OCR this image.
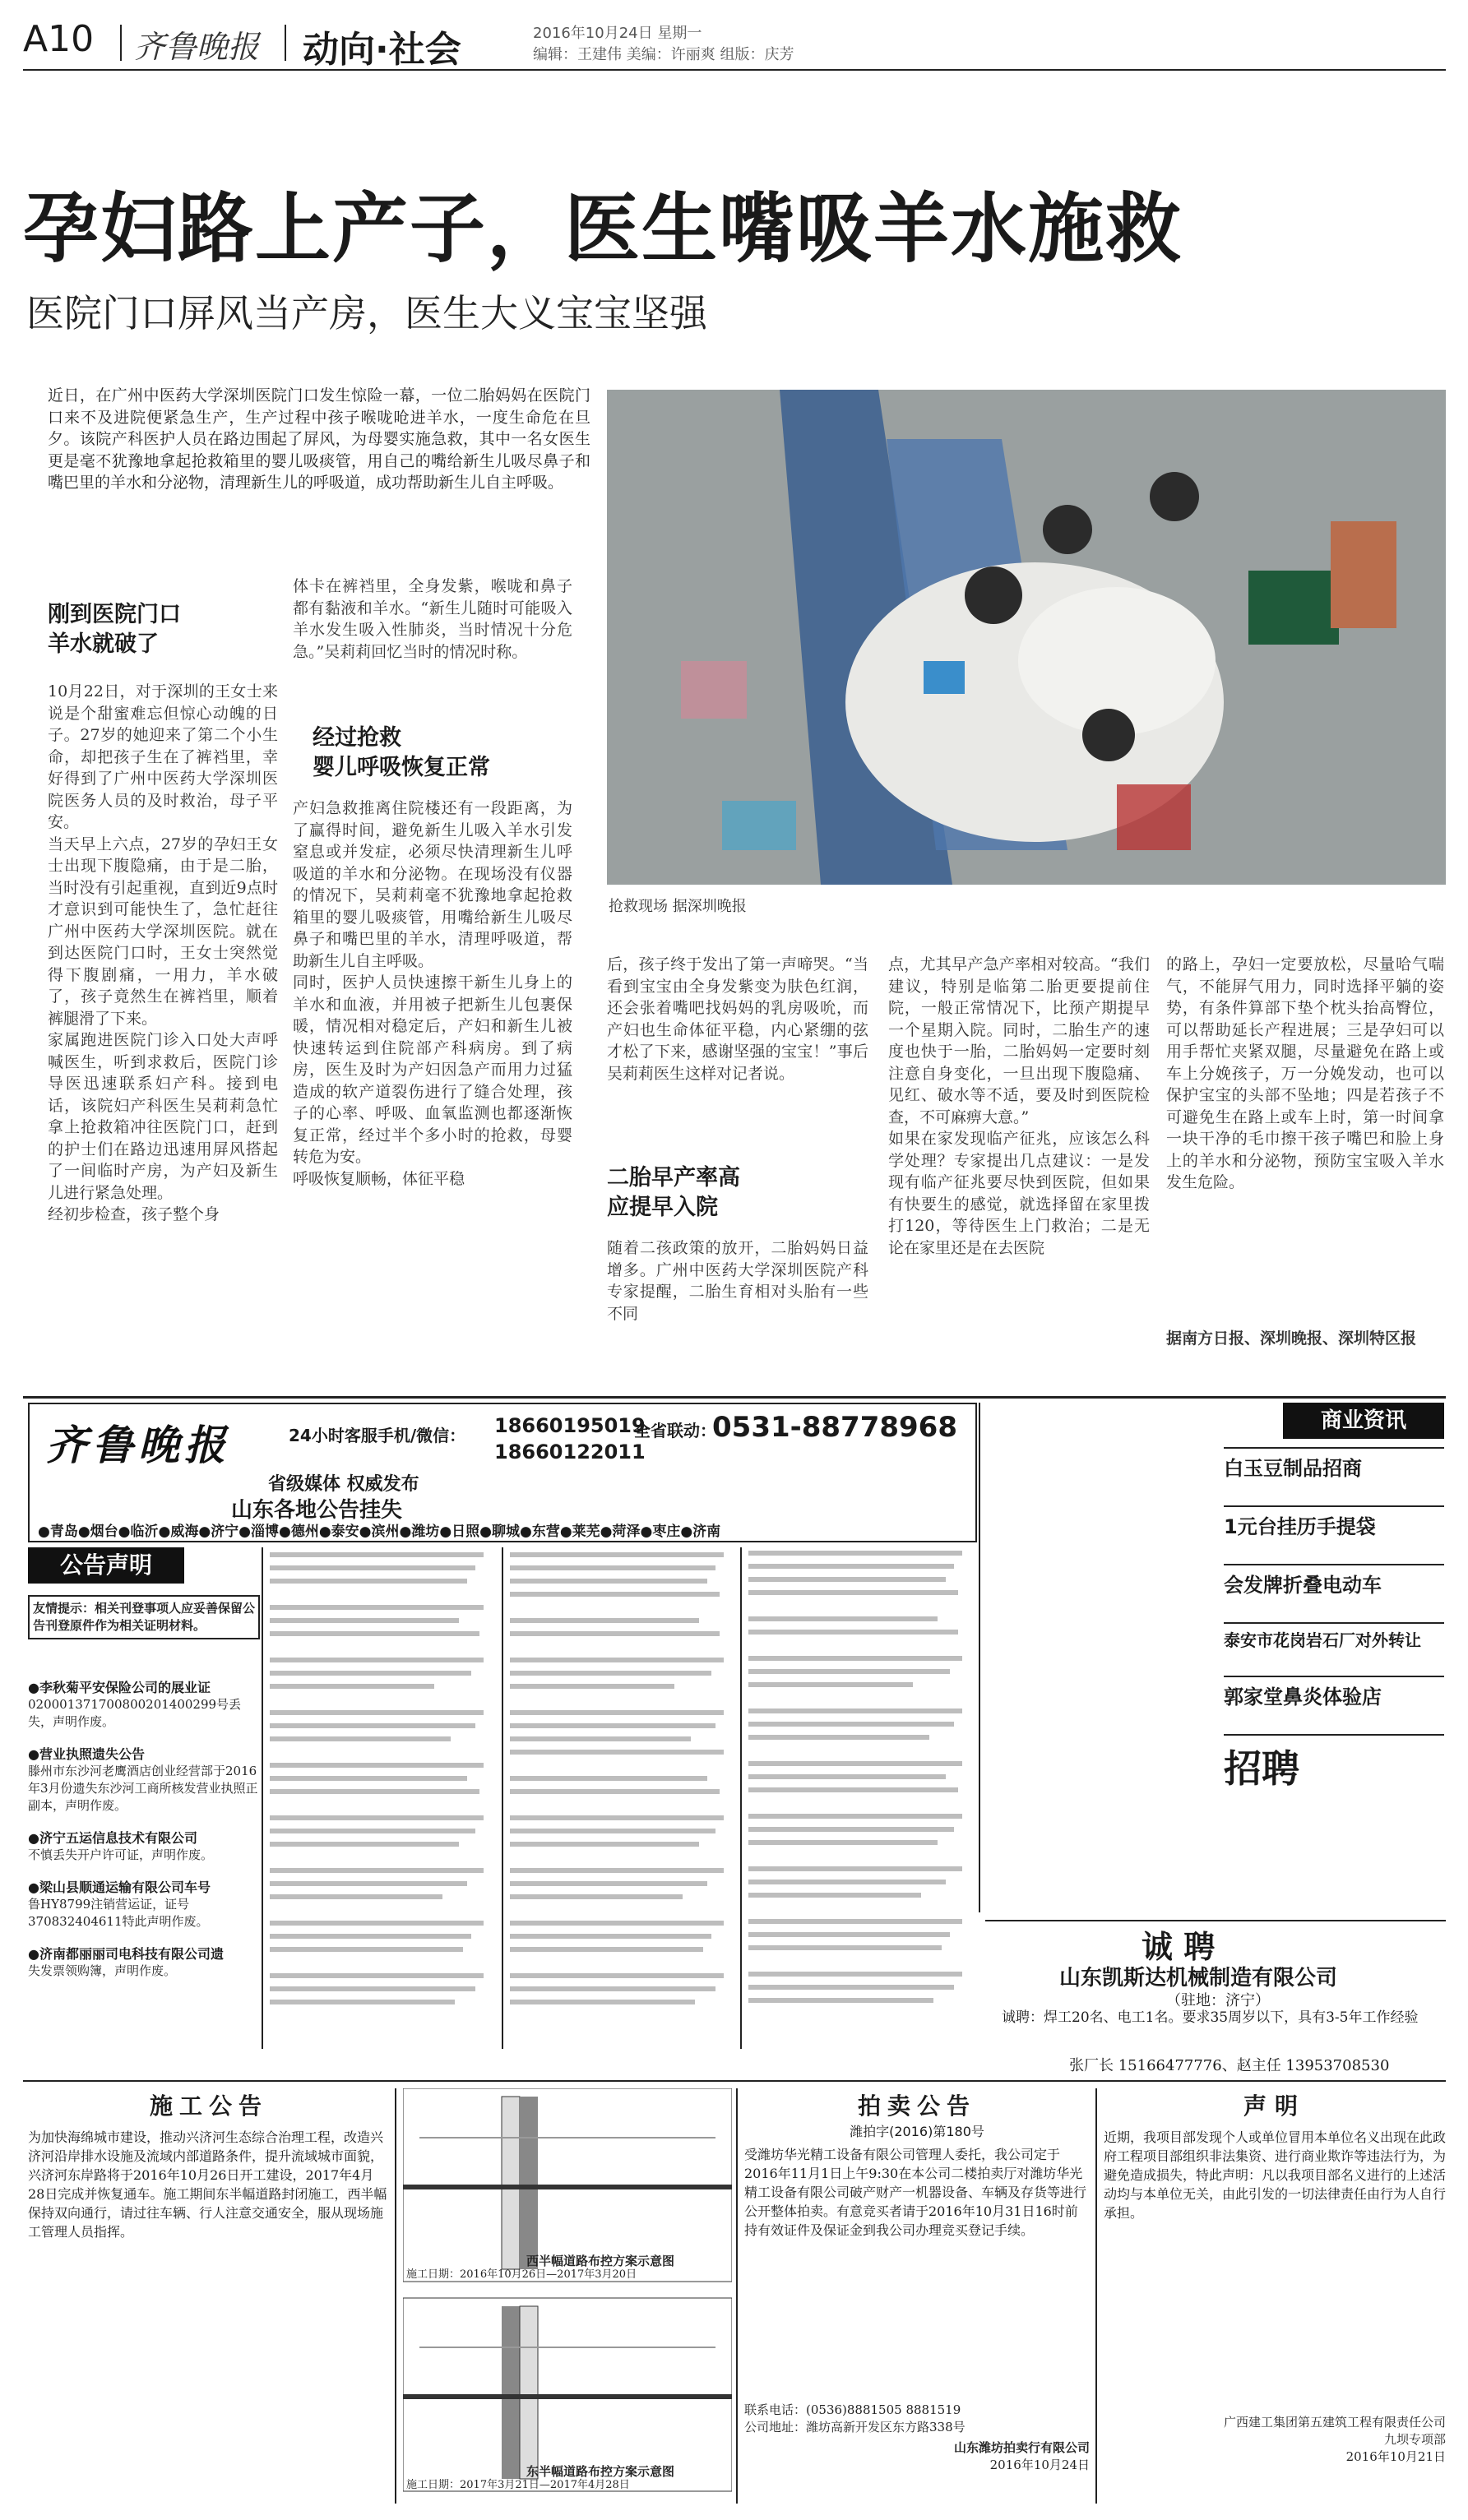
A10 齐鲁晚报 动向·社会	2016年10月24日 星期一
编辑：王建伟 美编：许丽爽 组版：庆芳
孕妇路上产子，医生嘴吸羊水施救
医院门口屏风当产房，医生大义宝宝坚强
近日，在广州中医药大学深圳医院门口发生惊险一幕，一位二胎妈妈在医院门口来不及进院便紧急生产，生产过程中孩子喉咙呛进羊水，一度生命危在旦夕。该院产科医护人员在路边围起了屏风，为母婴实施急救，其中一名女医生更是毫不犹豫地拿起抢救箱里的婴儿吸痰管，用自己的嘴给新生儿吸尽鼻子和嘴巴里的羊水和分泌物，清理新生儿的呼吸道，成功帮助新生儿自主呼吸。
刚到医院门口
羊水就破了
10月22日，对于深圳的王女士来说是个甜蜜难忘但惊心动魄的日子。27岁的她迎来了第二个小生命，却把孩子生在了裤裆里，幸好得到了广州中医药大学深圳医院医务人员的及时救治，母子平安。
当天早上六点，27岁的孕妇王女士出现下腹隐痛，由于是二胎，当时没有引起重视，直到近9点时才意识到可能快生了，急忙赶往广州中医药大学深圳医院。就在到达医院门口时，王女士突然觉得下腹剧痛，一用力，羊水破了，孩子竟然生在裤裆里，顺着裤腿滑了下来。
家属跑进医院门诊入口处大声呼喊医生，听到求救后，医院门诊导医迅速联系妇产科。接到电话，该院妇产科医生吴莉莉急忙拿上抢救箱冲往医院门口，赶到的护士们在路边迅速用屏风搭起了一间临时产房，为产妇及新生儿进行紧急处理。
经初步检查，孩子整个身
体卡在裤裆里，全身发紫，喉咙和鼻子都有黏液和羊水。“新生儿随时可能吸入羊水发生吸入性肺炎，当时情况十分危急。”吴莉莉回忆当时的情况时称。
经过抢救
婴儿呼吸恢复正常
产妇急救推离住院楼还有一段距离，为了赢得时间，避免新生儿吸入羊水引发窒息或并发症，必须尽快清理新生儿呼吸道的羊水和分泌物。在现场没有仪器的情况下，吴莉莉毫不犹豫地拿起抢救箱里的婴儿吸痰管，用嘴给新生儿吸尽鼻子和嘴巴里的羊水，清理呼吸道，帮助新生儿自主呼吸。
同时，医护人员快速擦干新生儿身上的羊水和血液，并用被子把新生儿包裹保暖，情况相对稳定后，产妇和新生儿被快速转运到住院部产科病房。到了病房，医生及时为产妇因急产而用力过猛造成的软产道裂伤进行了缝合处理，孩子的心率、呼吸、血氧监测也都逐渐恢复正常，经过半个多小时的抢救，母婴转危为安。
呼吸恢复顺畅，体征平稳
抢救现场 据深圳晚报
后，孩子终于发出了第一声啼哭。“当看到宝宝由全身发紫变为肤色红润，还会张着嘴吧找妈妈的乳房吸吮，而产妇也生命体征平稳，内心紧绷的弦才松了下来，感谢坚强的宝宝！”事后吴莉莉医生这样对记者说。
二胎早产率高
应提早入院
随着二孩政策的放开，二胎妈妈日益增多。广州中医药大学深圳医院产科专家提醒，二胎生育相对头胎有一些不同
点，尤其早产急产率相对较高。“我们建议，特别是临第二胎更要提前住院，一般正常情况下，比预产期提早一个星期入院。同时，二胎生产的速度也快于一胎，二胎妈妈一定要时刻注意自身变化，一旦出现下腹隐痛、见红、破水等不适，要及时到医院检查，不可麻痹大意。”
如果在家发现临产征兆，应该怎么科学处理？专家提出几点建议：一是发现有临产征兆要尽快到医院，但如果有快要生的感觉，就选择留在家里拨打120，等待医生上门救治；二是无论在家里还是在去医院
的路上，孕妇一定要放松，尽量哈气喘气，不能屏气用力，同时选择平躺的姿势，有条件算部下垫个枕头抬高臀位，可以帮助延长产程进展；三是孕妇可以用手帮忙夹紧双腿，尽量避免在路上或车上分娩孩子，万一分娩发动，也可以保护宝宝的头部不坠地；四是若孩子不可避免生在路上或车上时，第一时间拿一块干净的毛巾擦干孩子嘴巴和脸上身上的羊水和分泌物，预防宝宝吸入羊水发生危险。
据南方日报、深圳晚报、深圳特区报
齐鲁晚报	24小时客服手机/微信： 18660195019
18660122011
全省联动：
0531-88778968
省级媒体 权威发布
山东各地公告挂失
●青岛●烟台●临沂●威海●济宁●淄博●德州●泰安●滨州●潍坊●日照●聊城●东营●莱芜●菏泽●枣庄●济南
公告声明
友情提示：相关刊登事项人应妥善保留公告刊登原件作为相关证明材料。
●李秋菊平安保险公司的展业证
020001371700800201400299号丢失，声明作废。
●营业执照遗失公告
滕州市东沙河老鹰酒店创业经营部于2016年3月份遗失东沙河工商所核发营业执照正副本，声明作废。
●济宁五运信息技术有限公司
不慎丢失开户许可证，声明作废。
●梁山县顺通运输有限公司车号
鲁HY8799注销营运证，证号370832404611特此声明作废。
●济南都丽丽司电科技有限公司遗
失发票领购簿，声明作废。
商业资讯
白玉豆制品招商
1元台挂历手提袋
会发牌折叠电动车
泰安市花岗岩石厂对外转让
郭家堂鼻炎体验店
招聘
诚 聘
山东凯斯达机械制造有限公司
（驻地：济宁）
诚聘：焊工20名、电工1名。要求35周岁以下，具有3-5年工作经验
张厂长 15166477776、赵主任 13953708530
施工公告
为加快海绵城市建设，推动兴济河生态综合治理工程，改造兴济河沿岸排水设施及流域内部道路条件，提升流域城市面貌，兴济河东岸路将于2016年10月26日开工建设，2017年4月28日完成并恢复通车。施工期间东半幅道路封闭施工，西半幅保持双向通行，请过往车辆、行人注意交通安全，服从现场施工管理人员指挥。
西半幅道路布控方案示意图
施工日期：2016年10月26日—2017年3月20日
东半幅道路布控方案示意图
施工日期：2017年3月21日—2017年4月28日
拍卖公告
潍拍字(2016)第180号
受潍坊华光精工设备有限公司管理人委托，我公司定于2016年11月1日上午9:30在本公司二楼拍卖厅对潍坊华光精工设备有限公司破产财产一机器设备、车辆及存货等进行公开整体拍卖。有意竞买者请于2016年10月31日16时前持有效证件及保证金到我公司办理竞买登记手续。
联系电话：(0536)8881505 8881519
公司地址：潍坊高新开发区东方路338号
山东潍坊拍卖行有限公司
2016年10月24日
声明
近期，我项目部发现个人或单位冒用本单位名义出现在此政府工程项目部组织非法集资、进行商业欺诈等违法行为，为避免造成损失，特此声明：凡以我项目部名义进行的上述活动均与本单位无关，由此引发的一切法律责任由行为人自行承担。
广西建工集团第五建筑工程有限责任公司
九坝专项部
2016年10月21日
